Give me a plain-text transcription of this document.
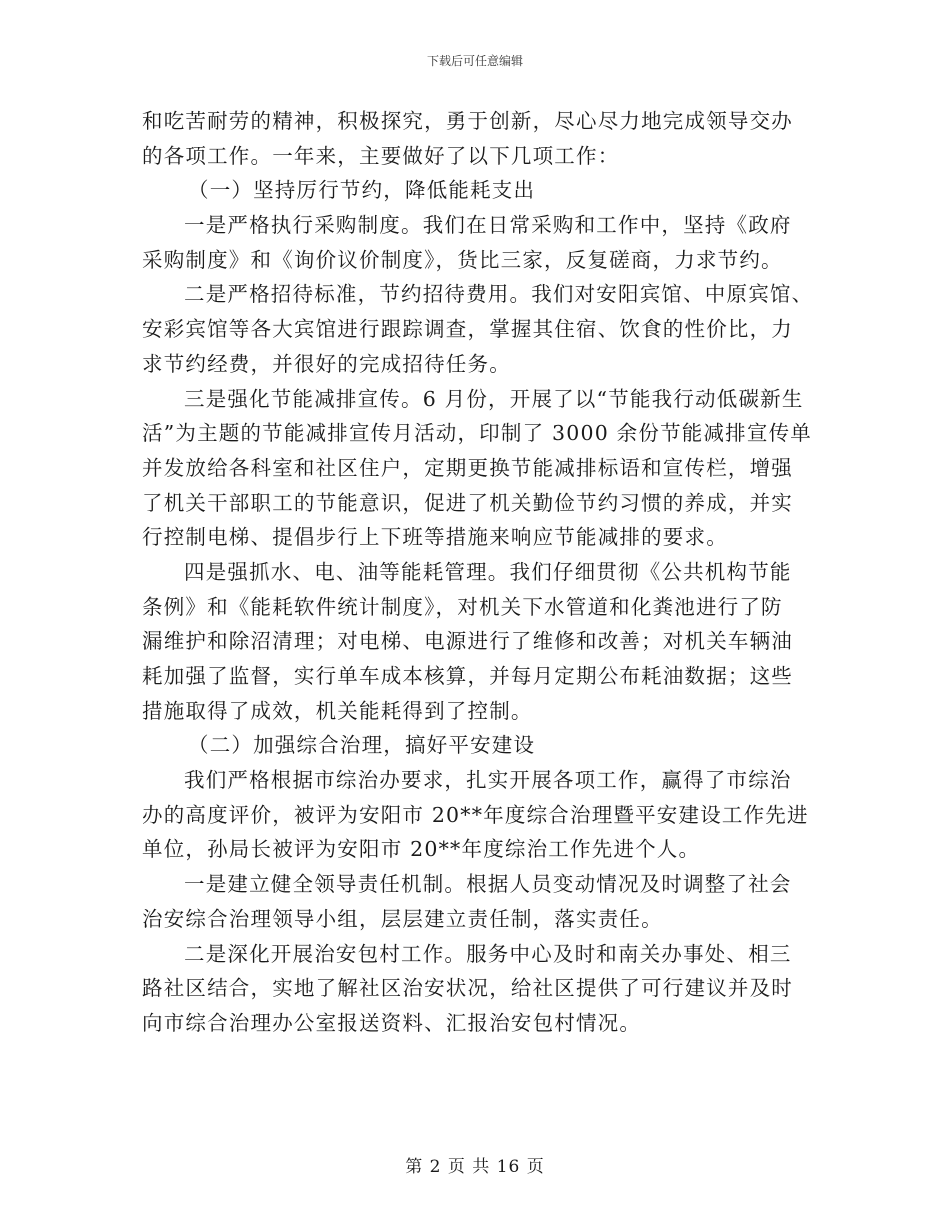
下载后可任意编辑
和吃苦耐劳的精神，积极探究，勇于创新，尽心尽力地完成领导交办
的各项工作。一年来，主要做好了以下几项工作：
（一）坚持厉行节约，降低能耗支出
一是严格执行采购制度。我们在日常采购和工作中，坚持《政府
采购制度》和《询价议价制度》，货比三家，反复磋商，力求节约。
二是严格招待标准，节约招待费用。我们对安阳宾馆、中原宾馆、
安彩宾馆等各大宾馆进行跟踪调查，掌握其住宿、饮食的性价比，力
求节约经费，并很好的完成招待任务。
三是强化节能减排宣传。6 月份，开展了以“节能我行动低碳新生
活”为主题的节能减排宣传月活动，印制了 3000 余份节能减排宣传单
并发放给各科室和社区住户，定期更换节能减排标语和宣传栏，增强
了机关干部职工的节能意识，促进了机关勤俭节约习惯的养成，并实
行控制电梯、提倡步行上下班等措施来响应节能减排的要求。
四是强抓水、电、油等能耗管理。我们仔细贯彻《公共机构节能
条例》和《能耗软件统计制度》，对机关下水管道和化粪池进行了防
漏维护和除沼清理；对电梯、电源进行了维修和改善；对机关车辆油
耗加强了监督，实行单车成本核算，并每月定期公布耗油数据；这些
措施取得了成效，机关能耗得到了控制。
（二）加强综合治理，搞好平安建设
我们严格根据市综治办要求，扎实开展各项工作，赢得了市综治
办的高度评价，被评为安阳市 20**年度综合治理暨平安建设工作先进
单位，孙局长被评为安阳市 20**年度综治工作先进个人。
一是建立健全领导责任机制。根据人员变动情况及时调整了社会
治安综合治理领导小组，层层建立责任制，落实责任。
二是深化开展治安包村工作。服务中心及时和南关办事处、相三
路社区结合，实地了解社区治安状况，给社区提供了可行建议并及时
向市综合治理办公室报送资料、汇报治安包村情况。
第 2 页 共 16 页
